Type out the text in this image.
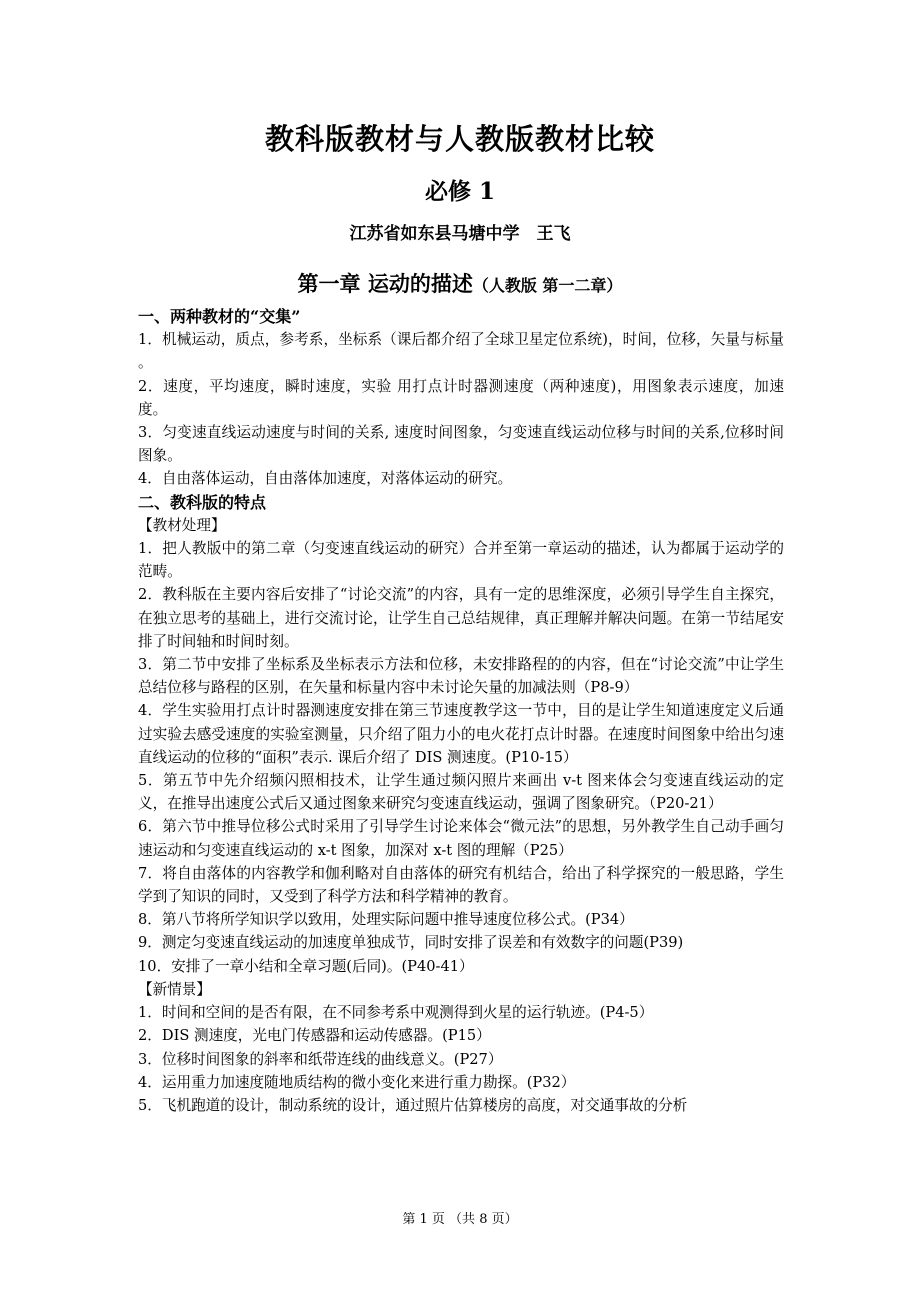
教科版教材与人教版教材比较
必修 1
江苏省如东县马塘中学　王飞
第一章 运动的描述（人教版 第一二章）

一、两种教材的“交集”

1．机械运动，质点，参考系，坐标系（课后都介绍了全球卫星定位系统)，时间，位移，矢量与标量 。

2．速度，平均速度，瞬时速度，实验 用打点计时器测速度（两种速度)，用图象表示速度，加速度。

3．匀变速直线运动速度与时间的关系, 速度时间图象，匀变速直线运动位移与时间的关系,位移时间图象。

4．自由落体运动，自由落体加速度，对落体运动的研究。

二、教科版的特点

【教材处理】

1．把人教版中的第二章（匀变速直线运动的研究）合并至第一章运动的描述，认为都属于运动学的范畴。

2．教科版在主要内容后安排了“讨论交流”的内容，具有一定的思维深度，必须引导学生自主探究，在独立思考的基础上，进行交流讨论，让学生自己总结规律，真正理解并解决问题。在第一节结尾安排了时间轴和时间时刻。

3．第二节中安排了坐标系及坐标表示方法和位移，未安排路程的的内容，但在“讨论交流”中让学生总结位移与路程的区别，在矢量和标量内容中未讨论矢量的加减法则（P8-9）

4．学生实验用打点计时器测速度安排在第三节速度教学这一节中，目的是让学生知道速度定义后通过实验去感受速度的实验室测量，只介绍了阻力小的电火花打点计时器。在速度时间图象中给出匀速直线运动的位移的“面积”表示. 课后介绍了 DIS 测速度。(P10-15）

5．第五节中先介绍频闪照相技术，让学生通过频闪照片来画出 v-t 图来体会匀变速直线运动的定义，在推导出速度公式后又通过图象来研究匀变速直线运动，强调了图象研究。（P20-21）

6．第六节中推导位移公式时采用了引导学生讨论来体会“微元法”的思想，另外教学生自己动手画匀速运动和匀变速直线运动的 x-t 图象，加深对 x-t 图的理解（P25）

7．将自由落体的内容教学和伽利略对自由落体的研究有机结合，给出了科学探究的一般思路，学生学到了知识的同时，又受到了科学方法和科学精神的教育。

8．第八节将所学知识学以致用，处理实际问题中推导速度位移公式。(P34）

9．测定匀变速直线运动的加速度单独成节，同时安排了误差和有效数字的问题(P39)

10．安排了一章小结和全章习题(后同)。(P40-41）

【新情景】

1．时间和空间的是否有限，在不同参考系中观测得到火星的运行轨迹。(P4-5）

2．DIS 测速度，光电门传感器和运动传感器。(P15）

3．位移时间图象的斜率和纸带连线的曲线意义。(P27）

4．运用重力加速度随地质结构的微小变化来进行重力勘探。(P32）

5．飞机跑道的设计，制动系统的设计，通过照片估算楼房的高度，对交通事故的分析

第 1 页 （共 8 页）
